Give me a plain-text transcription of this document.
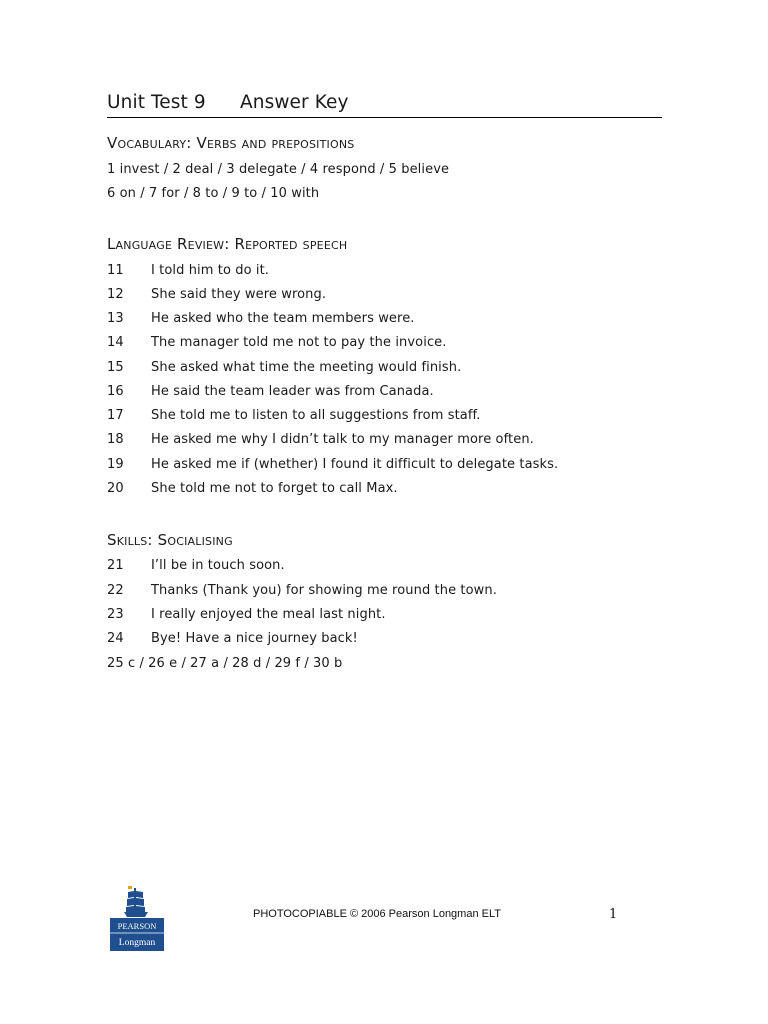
Unit Test 9 Answer Key
Vocabulary: Verbs and prepositions
1 invest / 2 deal / 3 delegate / 4 respond / 5 believe
6 on / 7 for / 8 to / 9 to / 10 with
Language Review: Reported speech
11	I told him to do it.
12	She said they were wrong.
13	He asked who the team members were.
14	The manager told me not to pay the invoice.
15	She asked what time the meeting would finish.
16	He said the team leader was from Canada.
17	She told me to listen to all suggestions from staff.
18	He asked me why I didn’t talk to my manager more often.
19	He asked me if (whether) I found it difficult to delegate tasks.
20	She told me not to forget to call Max.
Skills: Socialising
21	I’ll be in touch soon.
22	Thanks (Thank you) for showing me round the town.
23	I really enjoyed the meal last night.
24	Bye! Have a nice journey back!
25 c / 26 e / 27 a / 28 d / 29 f / 30 b
PEARSON
Longman
PHOTOCOPIABLE © 2006 Pearson Longman ELT	1
